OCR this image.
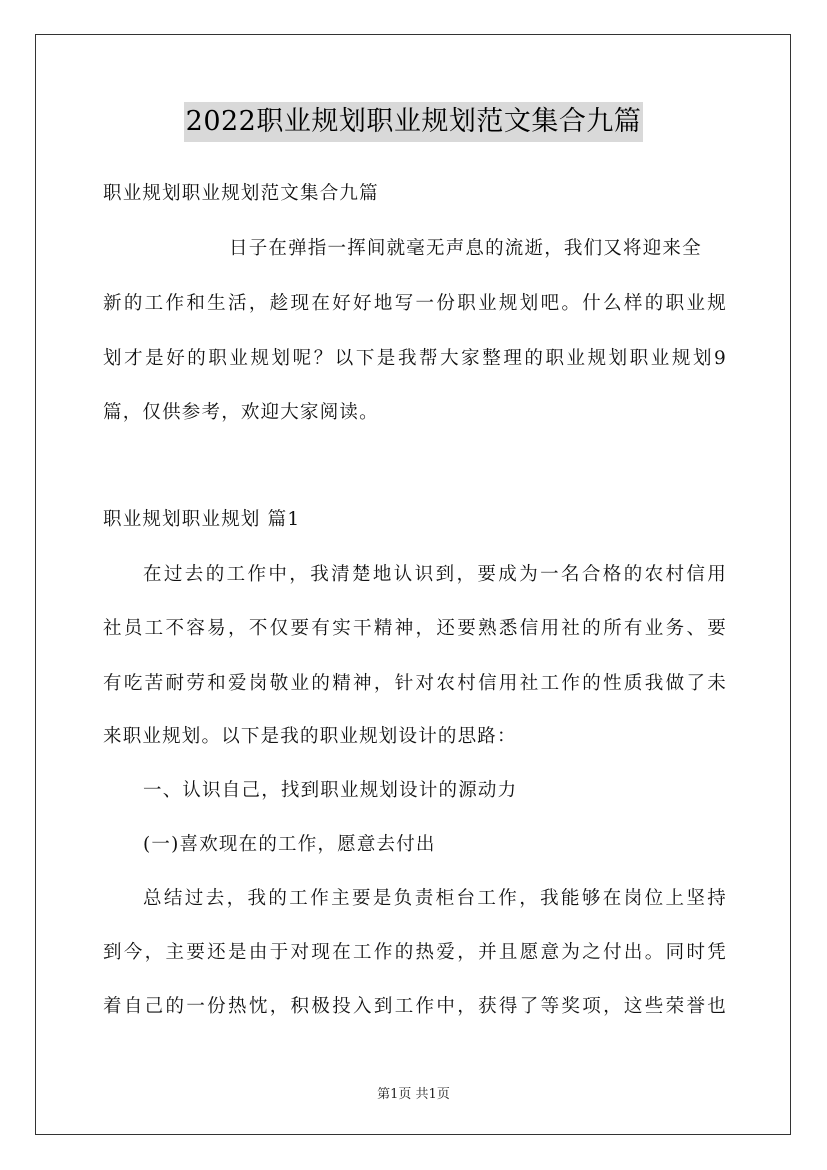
2022职业规划职业规划范文集合九篇
职业规划职业规划范文集合九篇
日子在弹指一挥间就毫无声息的流逝，我们又将迎来全
新的工作和生活，趁现在好好地写一份职业规划吧。什么样的职业规
划才是好的职业规划呢？以下是我帮大家整理的职业规划职业规划9
篇，仅供参考，欢迎大家阅读。
职业规划职业规划 篇1
在过去的工作中，我清楚地认识到，要成为一名合格的农村信用
社员工不容易，不仅要有实干精神，还要熟悉信用社的所有业务、要
有吃苦耐劳和爱岗敬业的精神，针对农村信用社工作的性质我做了未
来职业规划。以下是我的职业规划设计的思路：
一、认识自己，找到职业规划设计的源动力
(一)喜欢现在的工作，愿意去付出
总结过去，我的工作主要是负责柜台工作，我能够在岗位上坚持
到今，主要还是由于对现在工作的热爱，并且愿意为之付出。同时凭
着自己的一份热忱，积极投入到工作中，获得了等奖项，这些荣誉也
第1页 共1页
